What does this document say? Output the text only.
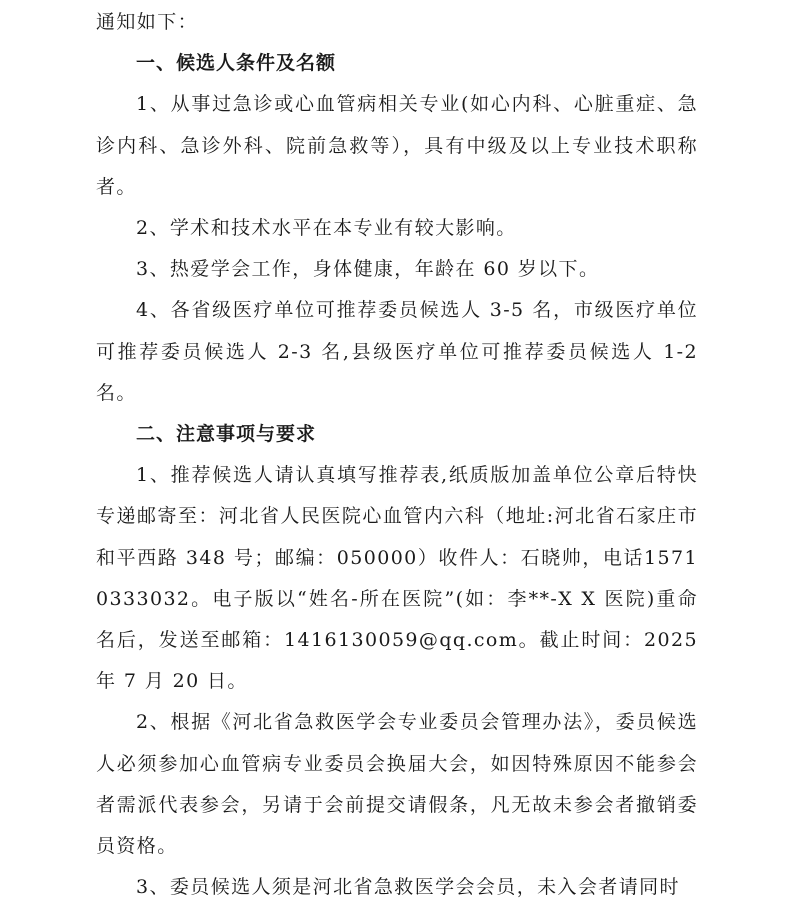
通知如下：

一、候选人条件及名额

1、从事过急诊或心血管病相关专业(如心内科、心脏重症、急诊内科、急诊外科、院前急救等），具有中级及以上专业技术职称者。

2、学术和技术水平在本专业有较大影响。

3、热爱学会工作，身体健康，年龄在 60 岁以下。

4、各省级医疗单位可推荐委员候选人 3-5 名，市级医疗单位可推荐委员候选人 2-3 名,县级医疗单位可推荐委员候选人 1-2 名。

二、注意事项与要求

1、推荐候选人请认真填写推荐表,纸质版加盖单位公章后特快专递邮寄至：河北省人民医院心血管内六科（地址:河北省石家庄市和平西路 348 号；邮编：050000）收件人：石晓帅，电话15710333032。电子版以“姓名-所在医院”(如：李**-X X 医院)重命名后，发送至邮箱：1416130059@qq.com。截止时间：2025年 7 月 20 日。

2、根据《河北省急救医学会专业委员会管理办法》，委员候选人必须参加心血管病专业委员会换届大会，如因特殊原因不能参会者需派代表参会，另请于会前提交请假条，凡无故未参会者撤销委员资格。

3、委员候选人须是河北省急救医学会会员，未入会者请同时
